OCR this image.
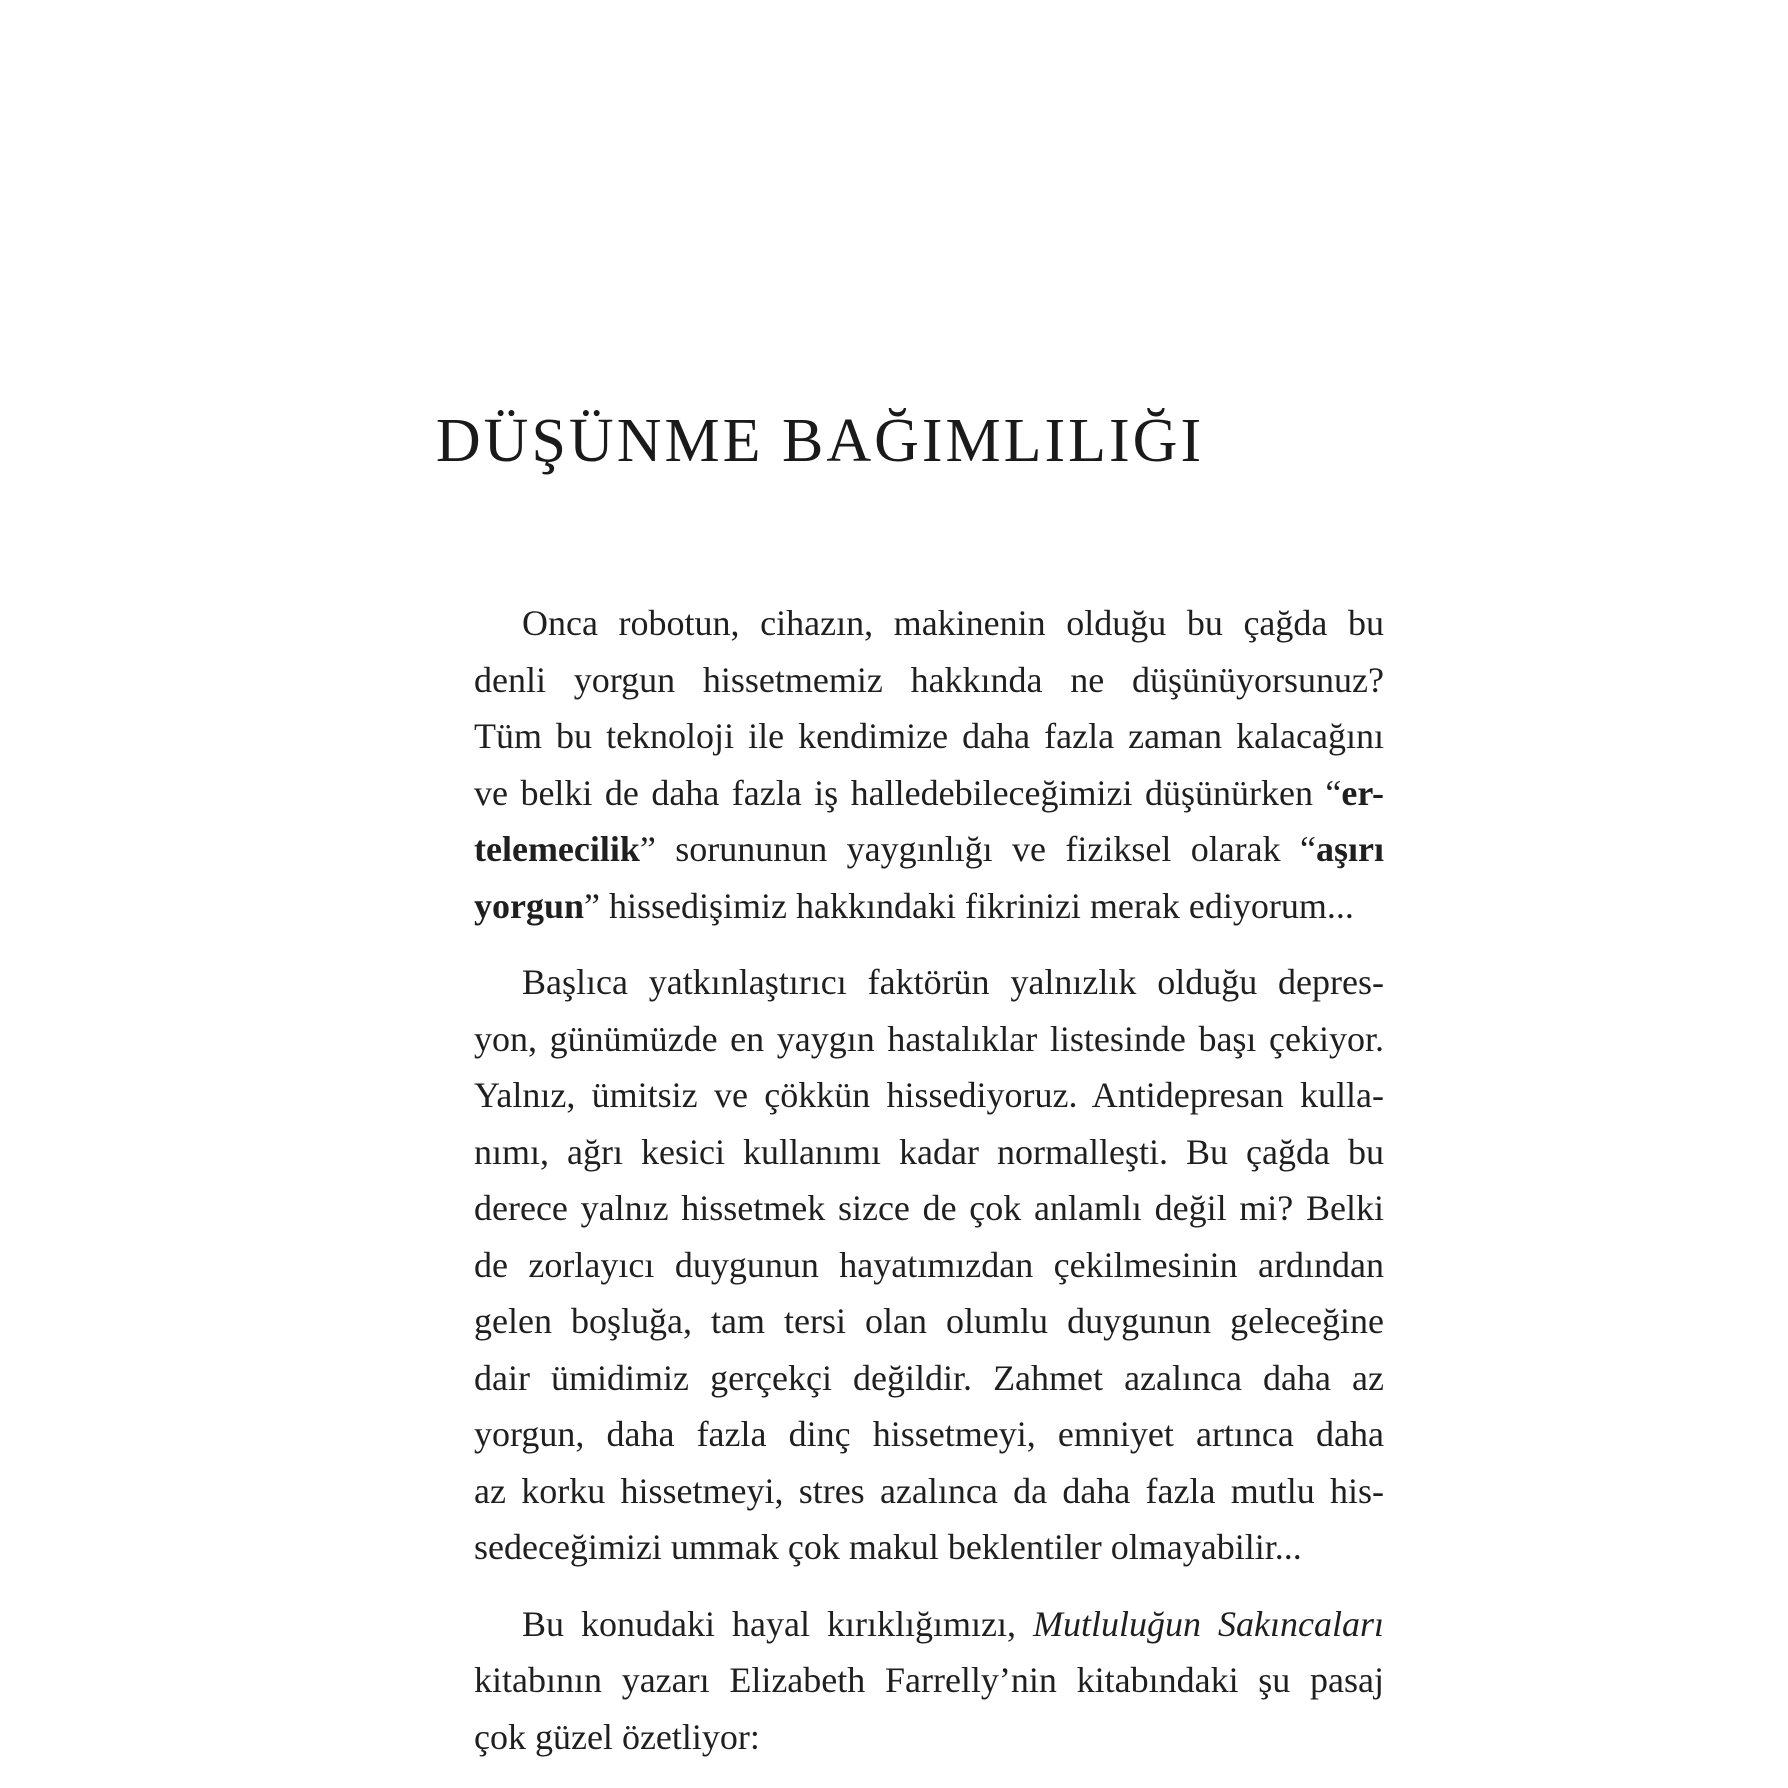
DÜŞÜNME BAĞIMLILIĞI
Onca robotun, cihazın, makinenin olduğu bu çağda bu
denli yorgun hissetmemiz hakkında ne düşünüyorsunuz?
Tüm bu teknoloji ile kendimize daha fazla zaman kalacağını
ve belki de daha fazla iş halledebileceğimizi düşünürken “er-
telemecilik” sorununun yaygınlığı ve fiziksel olarak “aşırı
yorgun” hissedişimiz hakkındaki fikrinizi merak ediyorum...
Başlıca yatkınlaştırıcı faktörün yalnızlık olduğu depres-
yon, günümüzde en yaygın hastalıklar listesinde başı çekiyor.
Yalnız, ümitsiz ve çökkün hissediyoruz. Antidepresan kulla-
nımı, ağrı kesici kullanımı kadar normalleşti. Bu çağda bu
derece yalnız hissetmek sizce de çok anlamlı değil mi? Belki
de zorlayıcı duygunun hayatımızdan çekilmesinin ardından
gelen boşluğa, tam tersi olan olumlu duygunun geleceğine
dair ümidimiz gerçekçi değildir. Zahmet azalınca daha az
yorgun, daha fazla dinç hissetmeyi, emniyet artınca daha
az korku hissetmeyi, stres azalınca da daha fazla mutlu his-
sedeceğimizi ummak çok makul beklentiler olmayabilir...
Bu konudaki hayal kırıklığımızı, Mutluluğun Sakıncaları
kitabının yazarı Elizabeth Farrelly’nin kitabındaki şu pasaj
çok güzel özetliyor:
